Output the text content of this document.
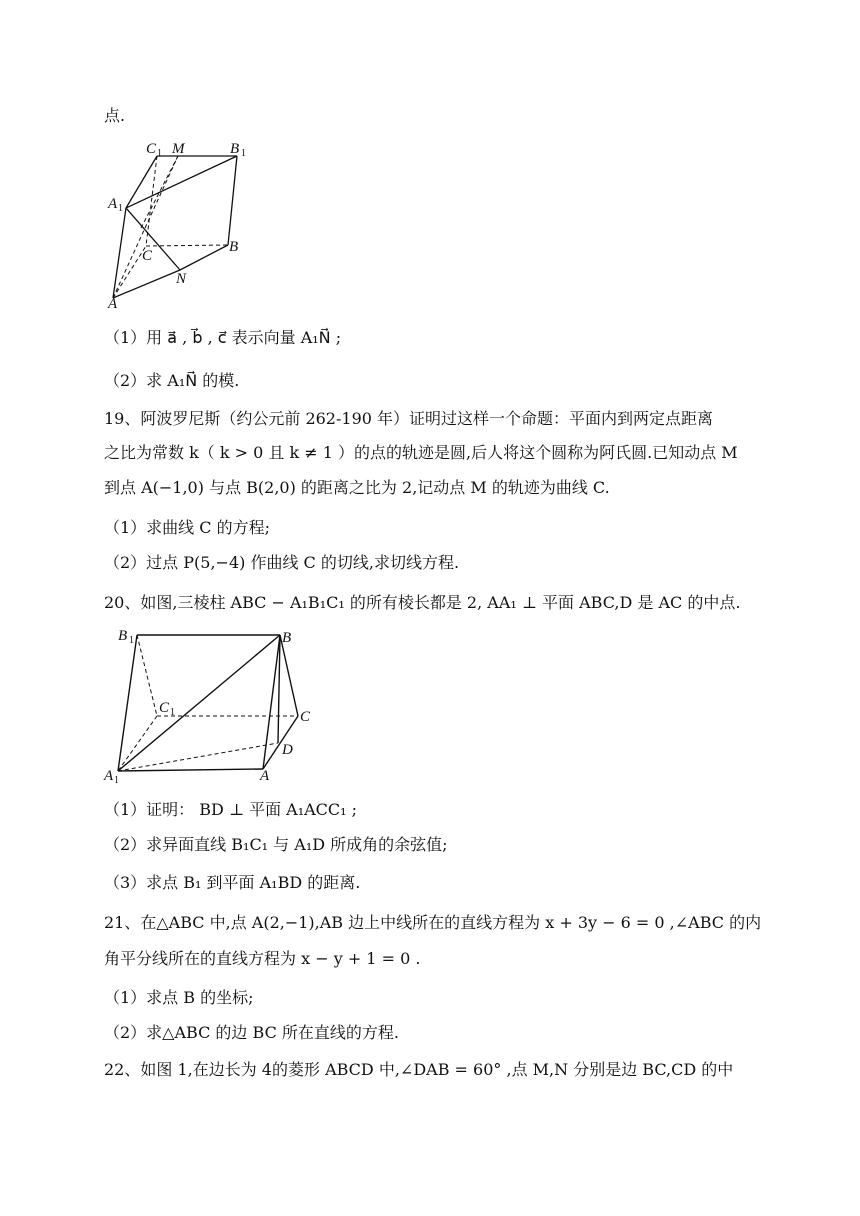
点.
C 1 M	B 1
A 1
C
B
N
A
（1）用 a⃗ , b⃗ , c⃗ 表示向量 A₁N⃗ ;
（2）求 A₁N⃗ 的模.
19、阿波罗尼斯（约公元前 262-190 年）证明过这样一个命题：平面内到两定点距离
之比为常数 k（ k > 0 且 k ≠ 1 ）的点的轨迹是圆,后人将这个圆称为阿氏圆.已知动点 M
到点 A(−1,0) 与点 B(2,0) 的距离之比为 2,记动点 M 的轨迹为曲线 C.
（1）求曲线 C 的方程;
（2）过点 P(5,−4) 作曲线 C 的切线,求切线方程.
20、如图,三棱柱 ABC − A₁B₁C₁ 的所有棱长都是 2, AA₁ ⊥ 平面 ABC,D 是 AC 的中点.
B 1	B
C 1	C
D
A 1	A
（1）证明： BD ⊥ 平面 A₁ACC₁ ;
（2）求异面直线 B₁C₁ 与 A₁D 所成角的余弦值;
（3）求点 B₁ 到平面 A₁BD 的距离.
21、在△ABC 中,点 A(2,−1),AB 边上中线所在的直线方程为 x + 3y − 6 = 0 ,∠ABC 的内
角平分线所在的直线方程为 x − y + 1 = 0 .
（1）求点 B 的坐标;
（2）求△ABC 的边 BC 所在直线的方程.
22、如图 1,在边长为 4的菱形 ABCD 中,∠DAB = 60° ,点 M,N 分别是边 BC,CD 的中
